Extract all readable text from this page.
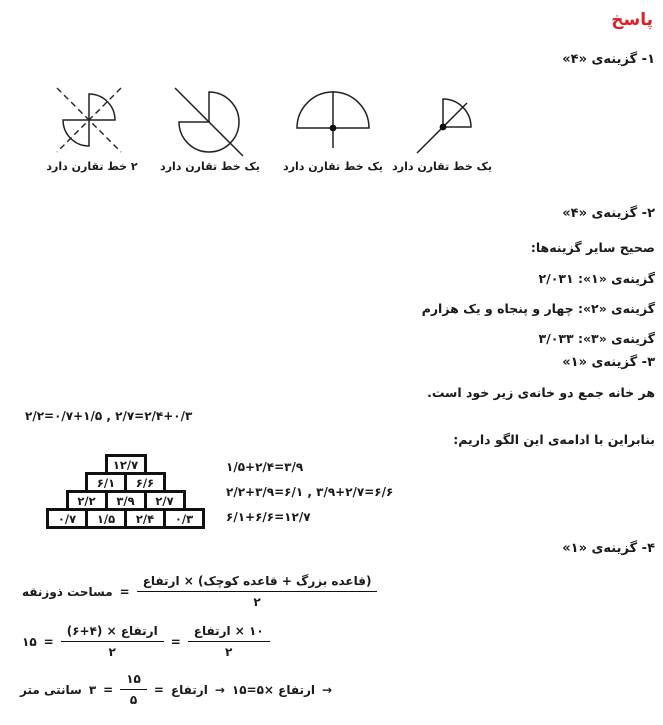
پاسخ
۱- گزینه‌ی «۴»
۲ خط تقارن دارد	یک خط تقارن دارد	یک خط تقارن دارد یک خط تقارن دارد
۲- گزینه‌ی «۴»
صحیح سایر گزینه‌ها:
گزینه‌ی «۱»: ۲/۰۳۱
گزینه‌ی «۲»: چهار و پنجاه و یک هزارم
گزینه‌ی «۳»: ۳/۰۳۳
۳- گزینه‌ی «۱»
هر خانه جمع دو خانه‌ی زیر خود است.
۲/۲=۰/۷+۱/۵ , ۲/۷=۲/۴+۰/۳
بنابراین با ادامه‌ی این الگو داریم:
۱۲/۷
۶/۱	۶/۶
۲/۲	۳/۹	۲/۷
۰/۷	۱/۵	۲/۴	۰/۳
۱/۵+۲/۴=۳/۹
۲/۲+۳/۹=۶/۱ , ۳/۹+۲/۷=۶/۶
۶/۱+۶/۶=۱۲/۷
۴- گزینه‌ی «۱»
مساحت ذوزنقه = $\frac{\text{(قاعده بزرگ + قاعده کوچک) × ارتفاع}}{۲}$
۱۵ = $\frac{\text{ارتفاع × (۴+۶)}}{۲} = \frac{\text{۱۰ × ارتفاع}}{۲}$
سانتی متر ۳ = $\frac{۱۵}{۵}$ = ارتفاع → ارتفاع ×۵=۱۵ →
